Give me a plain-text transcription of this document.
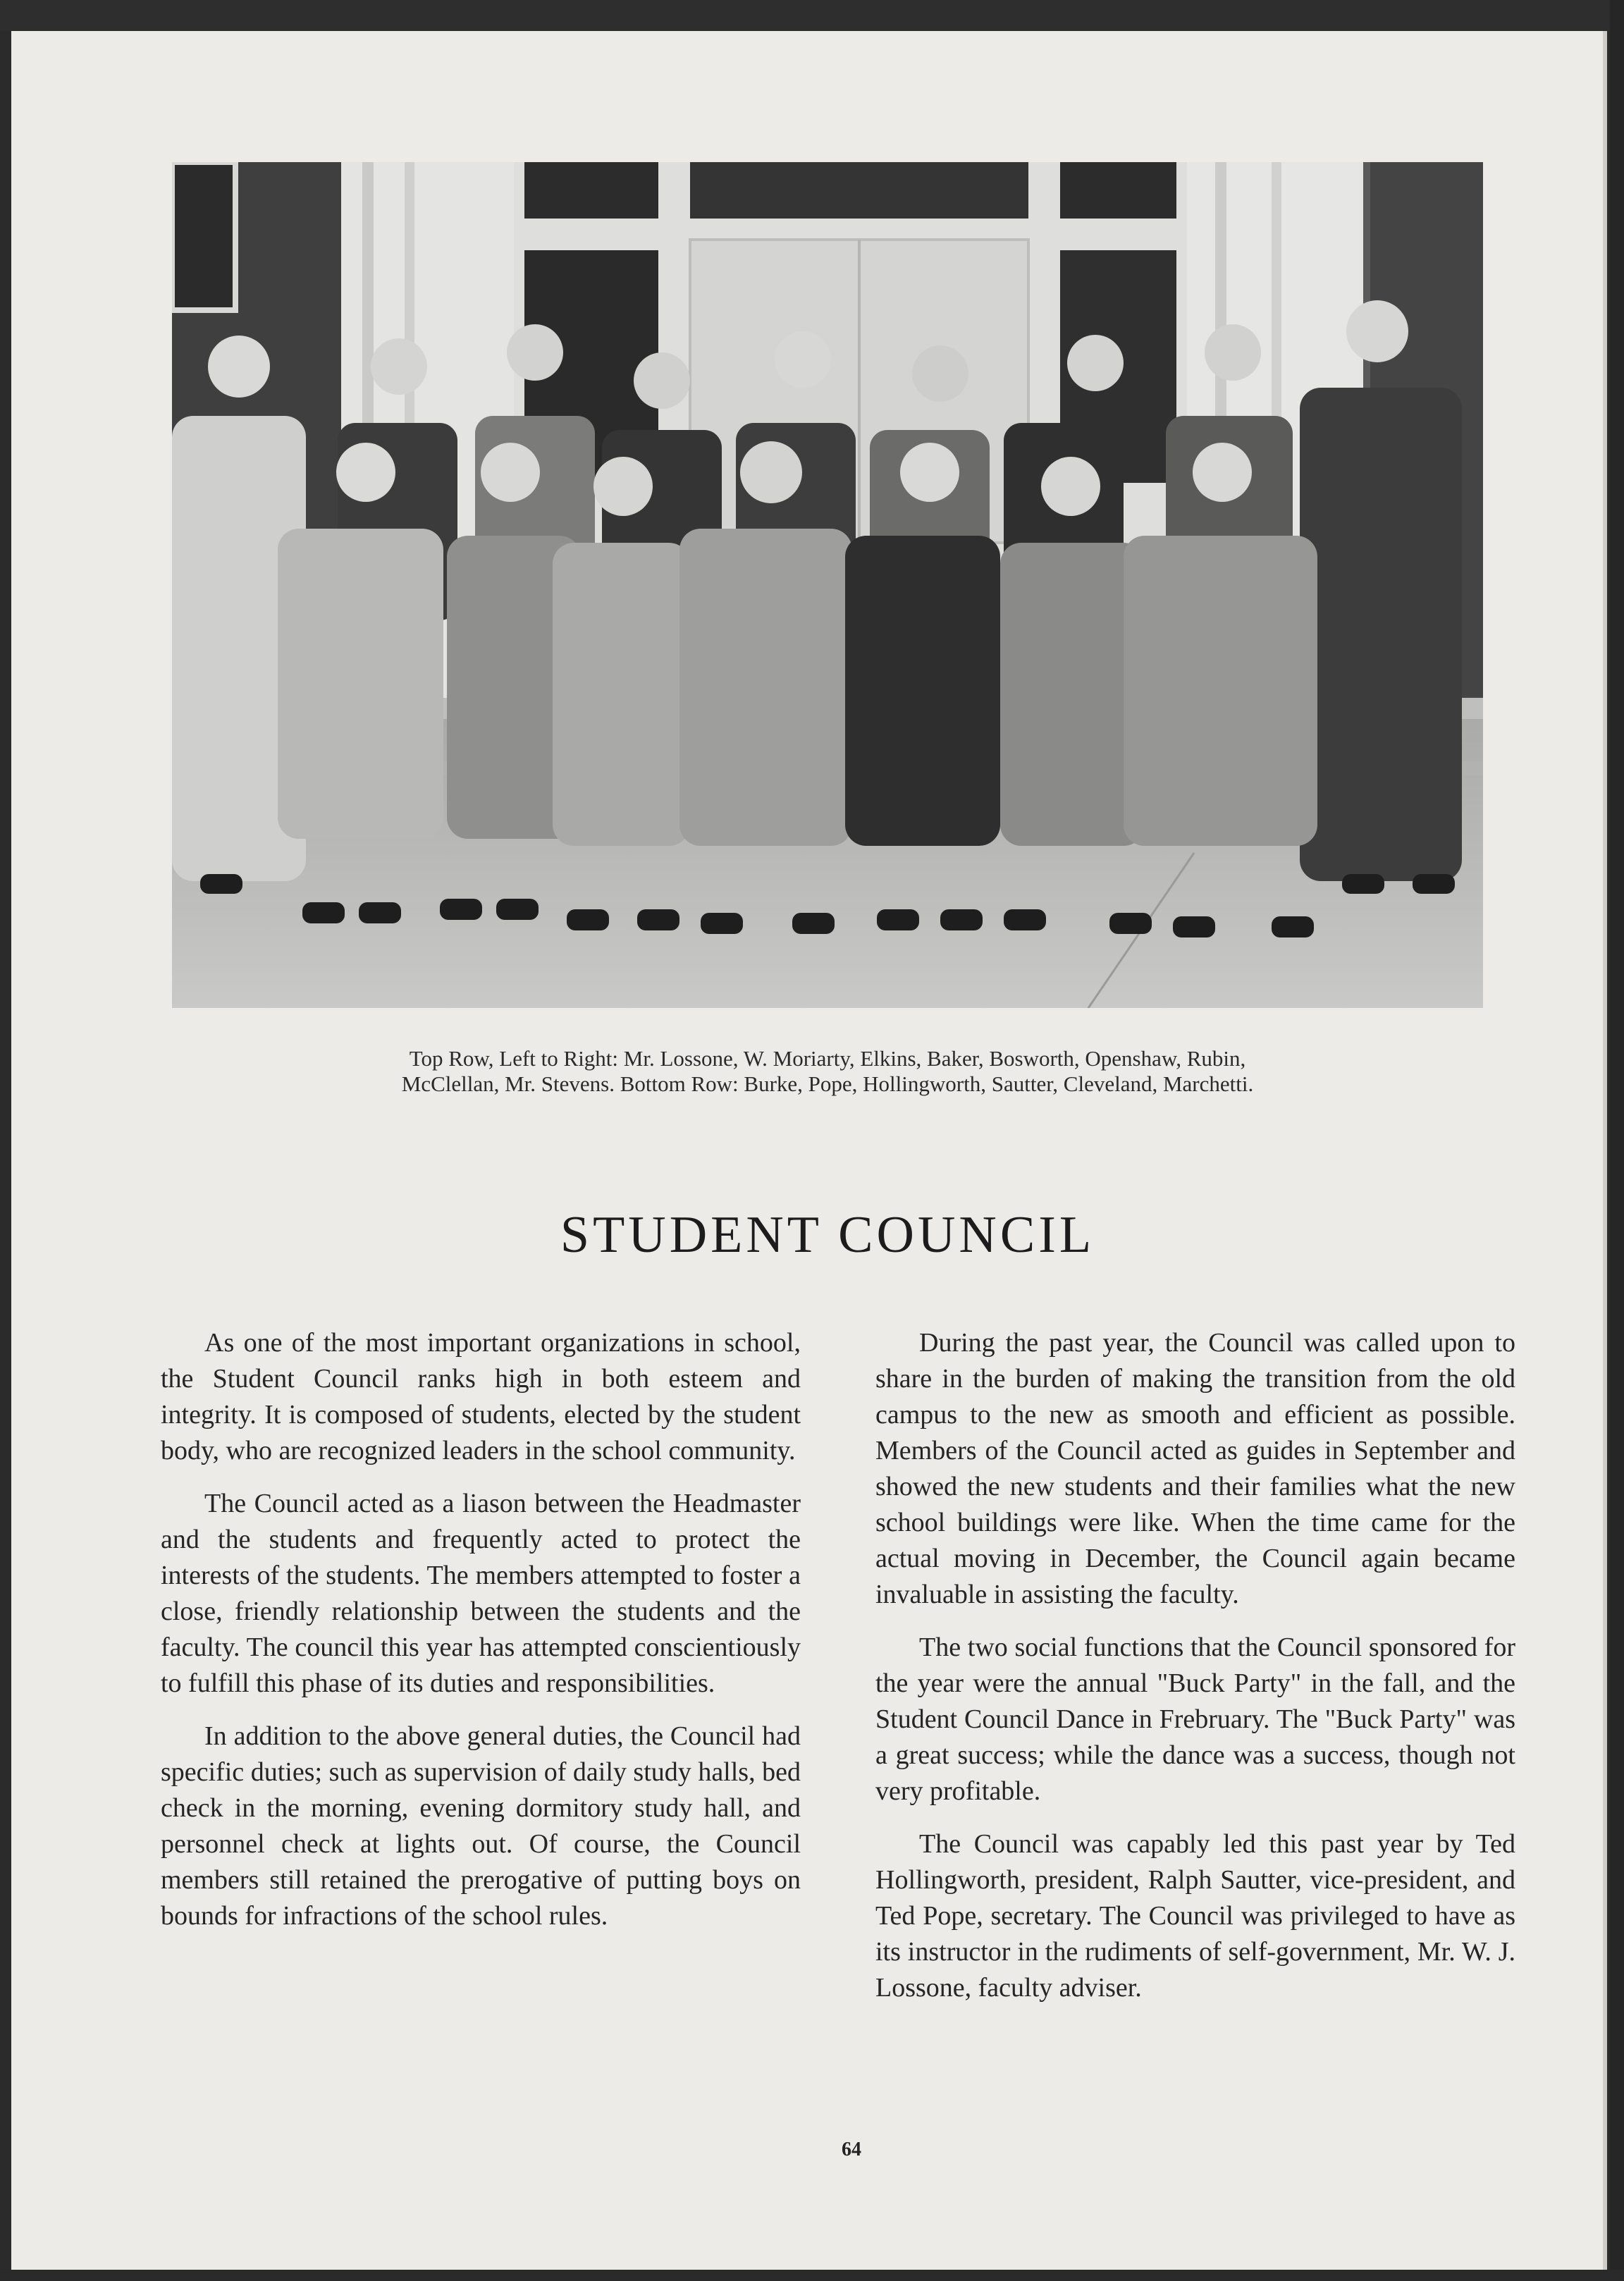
Top Row, Left to Right: Mr. Lossone, W. Moriarty, Elkins, Baker, Bosworth, Openshaw, Rubin,
McClellan, Mr. Stevens. Bottom Row: Burke, Pope, Hollingworth, Sautter, Cleveland, Marchetti.
STUDENT COUNCIL

As one of the most important organizations in school, the Student Council ranks high in both esteem and integrity. It is composed of students, elected by the student body, who are recognized leaders in the school community.

The Council acted as a liason between the Headmaster and the students and frequently acted to protect the interests of the students. The members attempted to foster a close, friendly relationship between the students and the faculty. The council this year has attempted conscientiously to fulfill this phase of its duties and responsibilities.

In addition to the above general duties, the Council had specific duties; such as supervision of daily study halls, bed check in the morning, evening dormitory study hall, and personnel check at lights out. Of course, the Council members still retained the prerogative of putting boys on bounds for infractions of the school rules.

During the past year, the Council was called upon to share in the burden of making the transition from the old campus to the new as smooth and efficient as possible. Members of the Council acted as guides in September and showed the new students and their families what the new school buildings were like. When the time came for the actual moving in December, the Council again became invaluable in assisting the faculty.

The two social functions that the Council sponsored for the year were the annual "Buck Party" in the fall, and the Student Council Dance in Frebruary. The "Buck Party" was a great success; while the dance was a success, though not very profitable.

The Council was capably led this past year by Ted Hollingworth, president, Ralph Sautter, vice-president, and Ted Pope, secretary. The Council was privileged to have as its instructor in the rudiments of self-government, Mr. W. J. Lossone, faculty adviser.

64
